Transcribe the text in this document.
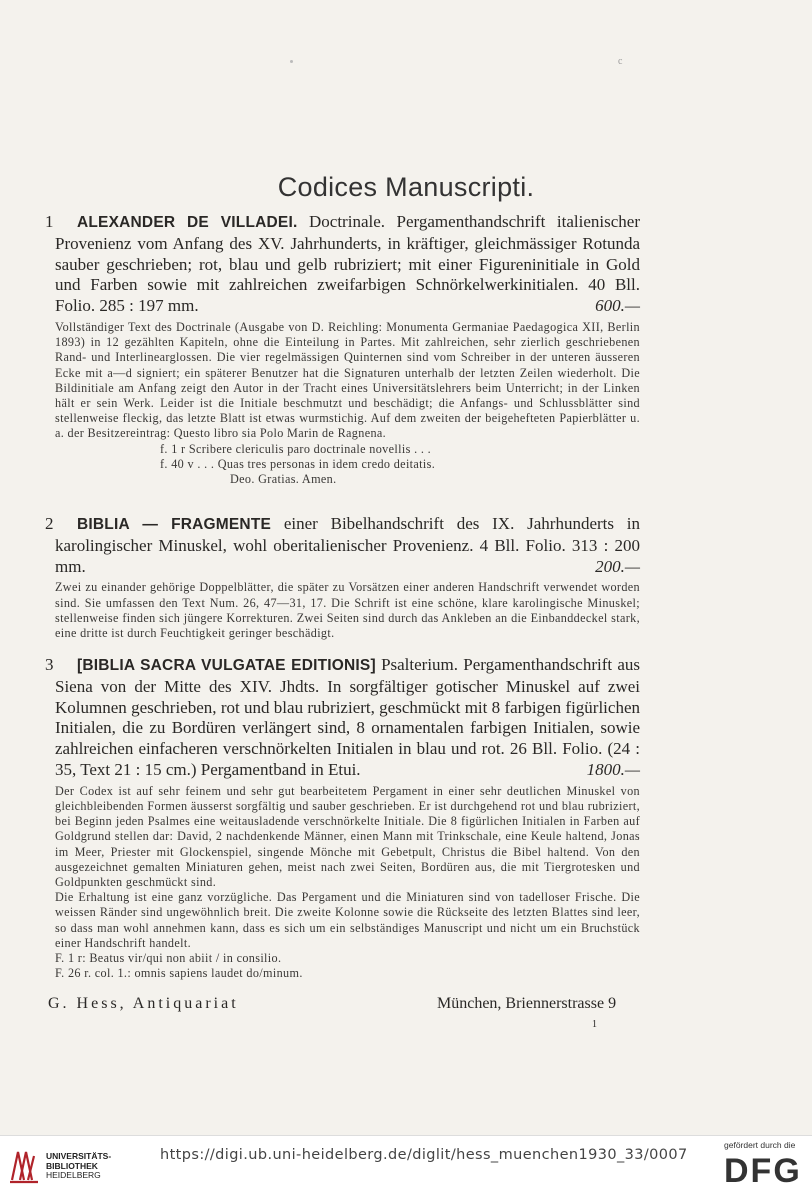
c
Codices Manuscripti.
1	ALEXANDER DE VILLADEI. Doctrinale. Pergamenthandschrift italienischer Provenienz vom Anfang des XV. Jahrhunderts, in kräftiger, gleichmässiger Rotunda sauber geschrieben; rot, blau und gelb rubriziert; mit einer Figureninitiale in Gold und Farben sowie mit zahlreichen zweifarbigen Schnörkelwerkinitialen. 40 Bll. Folio. 285 : 197 mm.	600.—

Vollständiger Text des Doctrinale (Ausgabe von D. Reichling: Monumenta Germaniae Paedagogica XII, Berlin 1893) in 12 gezählten Kapiteln, ohne die Einteilung in Partes. Mit zahlreichen, sehr zierlich geschriebenen Rand- und Interlinearglossen. Die vier regelmässigen Quinternen sind vom Schreiber in der unteren äusseren Ecke mit a—d signiert; ein späterer Benutzer hat die Signaturen unterhalb der letzten Zeilen wiederholt. Die Bildinitiale am Anfang zeigt den Autor in der Tracht eines Universitätslehrers beim Unterricht; in der Linken hält er sein Werk. Leider ist die Initiale beschmutzt und beschädigt; die Anfangs- und Schlussblätter sind stellenweise fleckig, das letzte Blatt ist etwas wurmstichig. Auf dem zweiten der beigehefteten Papierblätter u. a. der Besitzereintrag: Questo libro sia Polo Marin de Ragnena.

f. 1 r Scribere clericulis paro doctrinale novellis . . .
f. 40 v . . . Quas tres personas in idem credo deitatis.
Deo. Gratias. Amen.
2	BIBLIA — FRAGMENTE einer Bibelhandschrift des IX. Jahrhunderts in karolingischer Minuskel, wohl oberitalienischer Provenienz. 4 Bll. Folio. 313 : 200 mm.	200.—

Zwei zu einander gehörige Doppelblätter, die später zu Vorsätzen einer anderen Handschrift verwendet worden sind. Sie umfassen den Text Num. 26, 47—31, 17. Die Schrift ist eine schöne, klare karolingische Minuskel; stellenweise finden sich jüngere Korrekturen. Zwei Seiten sind durch das Ankleben an die Einbanddeckel stark, eine dritte ist durch Feuchtigkeit geringer beschädigt.

3	[BIBLIA SACRA VULGATAE EDITIONIS] Psalterium. Pergamenthandschrift aus Siena von der Mitte des XIV. Jhdts. In sorgfältiger gotischer Minuskel auf zwei Kolumnen geschrieben, rot und blau rubriziert, geschmückt mit 8 farbigen figürlichen Initialen, die zu Bordüren verlängert sind, 8 ornamentalen farbigen Initialen, sowie zahlreichen einfacheren verschnörkelten Initialen in blau und rot. 26 Bll. Folio. (24 : 35, Text 21 : 15 cm.) Pergamentband in Etui.	1800.—

Der Codex ist auf sehr feinem und sehr gut bearbeitetem Pergament in einer sehr deutlichen Minuskel von gleichbleibenden Formen äusserst sorgfältig und sauber geschrieben. Er ist durchgehend rot und blau rubriziert, bei Beginn jeden Psalmes eine weitausladende verschnörkelte Initiale. Die 8 figürlichen Initialen in Farben auf Goldgrund stellen dar: David, 2 nachdenkende Männer, einen Mann mit Trinkschale, eine Keule haltend, Jonas im Meer, Priester mit Glockenspiel, singende Mönche mit Gebetpult, Christus die Bibel haltend. Von den ausgezeichnet gemalten Miniaturen gehen, meist nach zwei Seiten, Bordüren aus, die mit Tiergrotesken und Goldpunkten geschmückt sind.

Die Erhaltung ist eine ganz vorzügliche. Das Pergament und die Miniaturen sind von tadelloser Frische. Die weissen Ränder sind ungewöhnlich breit. Die zweite Kolonne sowie die Rückseite des letzten Blattes sind leer, so dass man wohl annehmen kann, dass es sich um ein selbständiges Manuscript und nicht um ein Bruchstück einer Handschrift handelt.

F. 1 r: Beatus vir/qui non abiit / in consilio.
F. 26 r. col. 1.: omnis sapiens laudet do/minum.
G. Hess, Antiquariat	München, Briennerstrasse 9
1
UNIVERSITÄTS-
BIBLIOTHEK
HEIDELBERG
https://digi.ub.uni-heidelberg.de/diglit/hess_muenchen1930_33/0007
gefördert durch die
DFG
